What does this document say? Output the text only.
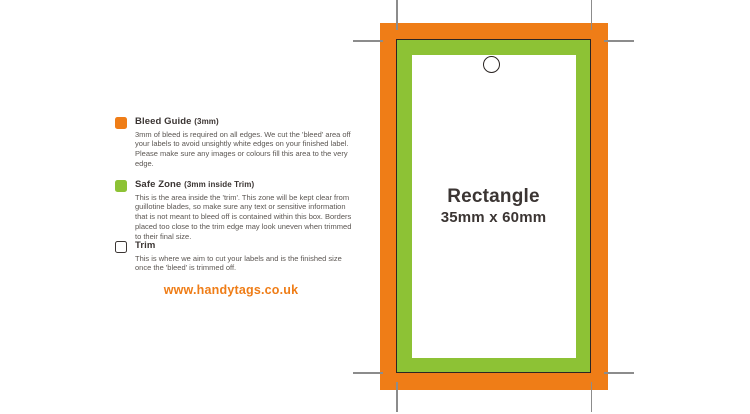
Bleed Guide (3mm)

3mm of bleed is required on all edges. We cut the 'bleed' area off your labels to avoid unsightly white edges on your finished label. Please make sure any images or colours fill this area to the very edge.

Safe Zone (3mm inside Trim)

This is the area inside the 'trim'. This zone will be kept clear from guillotine blades, so make sure any text or sensitive information that is not meant to bleed off is contained within this box. Borders placed too close to the trim edge may look uneven when trimmed to their final size.

Trim

This is where we aim to cut your labels and is the finished size once the 'bleed' is trimmed off.

www.handytags.co.uk
Rectangle
35mm x 60mm
